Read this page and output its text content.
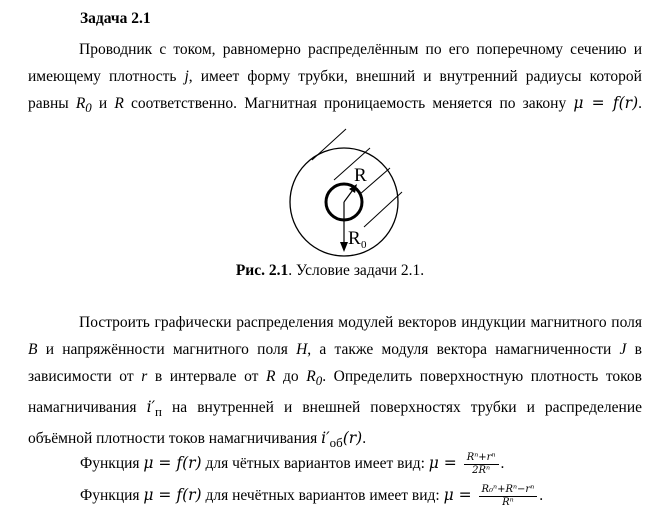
Задача 2.1

Проводник с током, равномерно распределённым по его поперечному сечению и имеющему плотность j, имеет форму трубки, внешний и внутренний радиусы которой равны $R_0$ и R соответственно. Магнитная проницаемость меняется по закону μ = f(r).

R
R 0
Рис. 2.1. Условие задачи 2.1.

Построить графически распределения модулей векторов индукции магнитного поля B и напряжённости магнитного поля H, а также модуля вектора намагниченности J в зависимости от r в интервале от R до $R_0$. Определить поверхностную плотность токов намагничивания $i'_п$ на внутренней и внешней поверхностях трубки и распределение объёмной плотности токов намагничивания $i'_{об}(r)$.

Функция μ = f(r) для чётных вариантов имеет вид: $\mu = \frac{\text{Rⁿ+rⁿ}}{\text{2Rⁿ}}$ .
Функция μ = f(r) для нечётных вариантов имеет вид: $\mu = \frac{\text{R₀ⁿ+Rⁿ−rⁿ}}{\text{Rⁿ}}$ .
